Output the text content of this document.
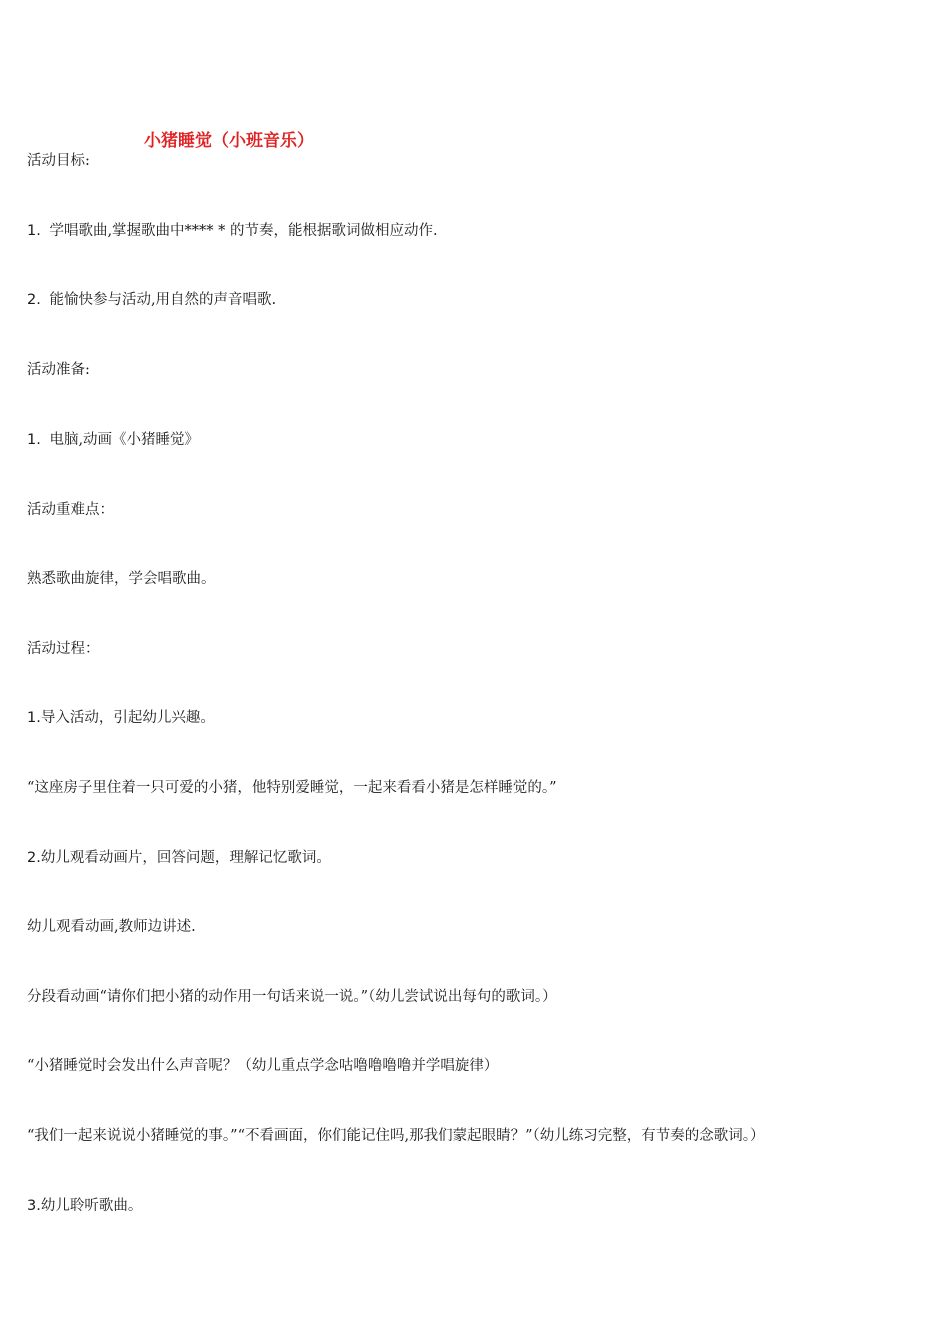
小猪睡觉（小班音乐）
活动目标:
1. 学唱歌曲,掌握歌曲中**** * 的节奏，能根据歌词做相应动作.
2. 能愉快参与活动,用自然的声音唱歌.
活动准备:
1. 电脑,动画《小猪睡觉》
活动重难点：
熟悉歌曲旋律，学会唱歌曲。
活动过程：
1.导入活动，引起幼儿兴趣。
“这座房子里住着一只可爱的小猪，他特别爱睡觉，一起来看看小猪是怎样睡觉的。”
2.幼儿观看动画片，回答问题，理解记忆歌词。
幼儿观看动画,教师边讲述.
分段看动画“请你们把小猪的动作用一句话来说一说。”（幼儿尝试说出每句的歌词。）
“小猪睡觉时会发出什么声音呢？（幼儿重点学念咕噜噜噜噜并学唱旋律）
“我们一起来说说小猪睡觉的事。”“不看画面，你们能记住吗,那我们蒙起眼睛？”（幼儿练习完整，有节奏的念歌词。）
3.幼儿聆听歌曲。
